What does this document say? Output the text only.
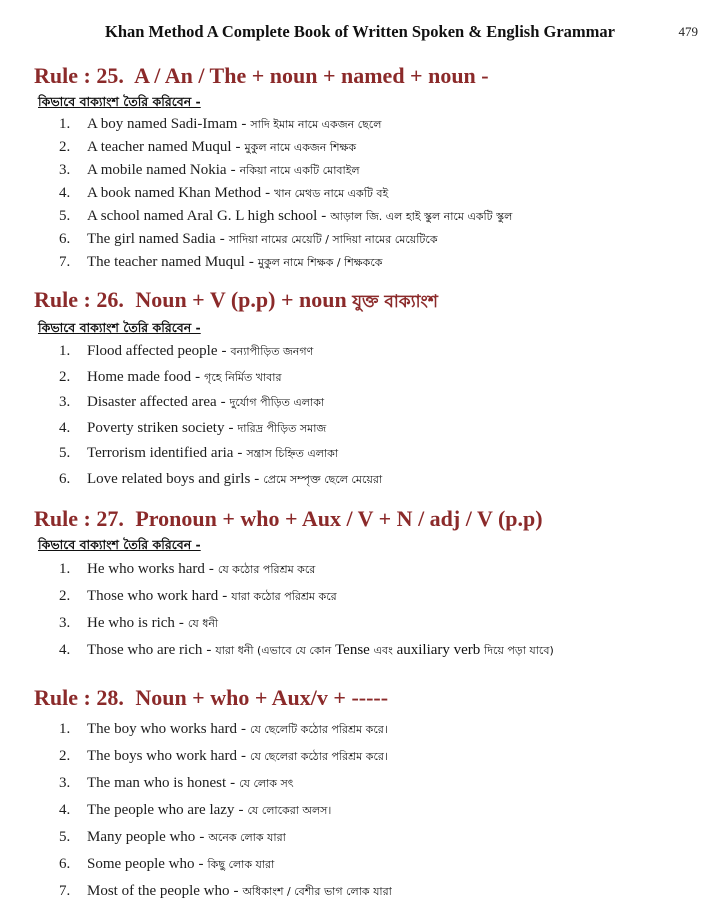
Khan Method A Complete Book of Written Spoken & English Grammar	479
Rule : 25. A / An / The + noun + named + noun -
কিভাবে বাক্যাংশ তৈরি করিবেন -
1.	A boy named Sadi-Imam - সাদি ইমাম নামে একজন ছেলে
2.	A teacher named Muqul - মুকুল নামে একজন শিক্ষক
3.	A mobile named Nokia - নকিয়া নামে একটি মোবাইল
4.	A book named Khan Method - খান মেথড নামে একটি বই
5.	A school named Aral G. L high school - আড়াল জি. এল হাই স্কুল নামে একটি স্কুল
6.	The girl named Sadia - সাদিয়া নামের মেয়েটি / সাদিয়া নামের মেয়েটিকে
7.	The teacher named Muqul - মুকুল নামে শিক্ষক / শিক্ষককে
Rule : 26. Noun + V (p.p) + noun যুক্ত বাক্যাংশ
কিভাবে বাক্যাংশ তৈরি করিবেন -
1.	Flood affected people - বন্যাপীড়িত জনগণ
2.	Home made food - গৃহে নির্মিত খাবার
3.	Disaster affected area - দুর্যোগ পীড়িত এলাকা
4.	Poverty striken society - দারিদ্র পীড়িত সমাজ
5.	Terrorism identified aria - সন্ত্রাস চিহ্নিত এলাকা
6.	Love related boys and girls - প্রেমে সম্পৃক্ত ছেলে মেয়েরা
Rule : 27. Pronoun + who + Aux / V + N / adj / V (p.p)
কিভাবে বাক্যাংশ তৈরি করিবেন -
1.	He who works hard - যে কঠোর পরিশ্রম করে
2.	Those who work hard - যারা কঠোর পরিশ্রম করে
3.	He who is rich - যে ধনী
4.	Those who are rich - যারা ধনী (এভাবে যে কোন Tense এবং auxiliary verb দিয়ে পড়া যাবে)
Rule : 28. Noun + who + Aux/v + -----
1.	The boy who works hard - যে ছেলেটি কঠোর পরিশ্রম করে।
2.	The boys who work hard - যে ছেলেরা কঠোর পরিশ্রম করে।
3.	The man who is honest - যে লোক সৎ
4.	The people who are lazy - যে লোকেরা অলস।
5.	Many people who - অনেক লোক যারা
6.	Some people who - কিছু লোক যারা
7.	Most of the people who - অধিকাংশ / বেশীর ভাগ লোক যারা
